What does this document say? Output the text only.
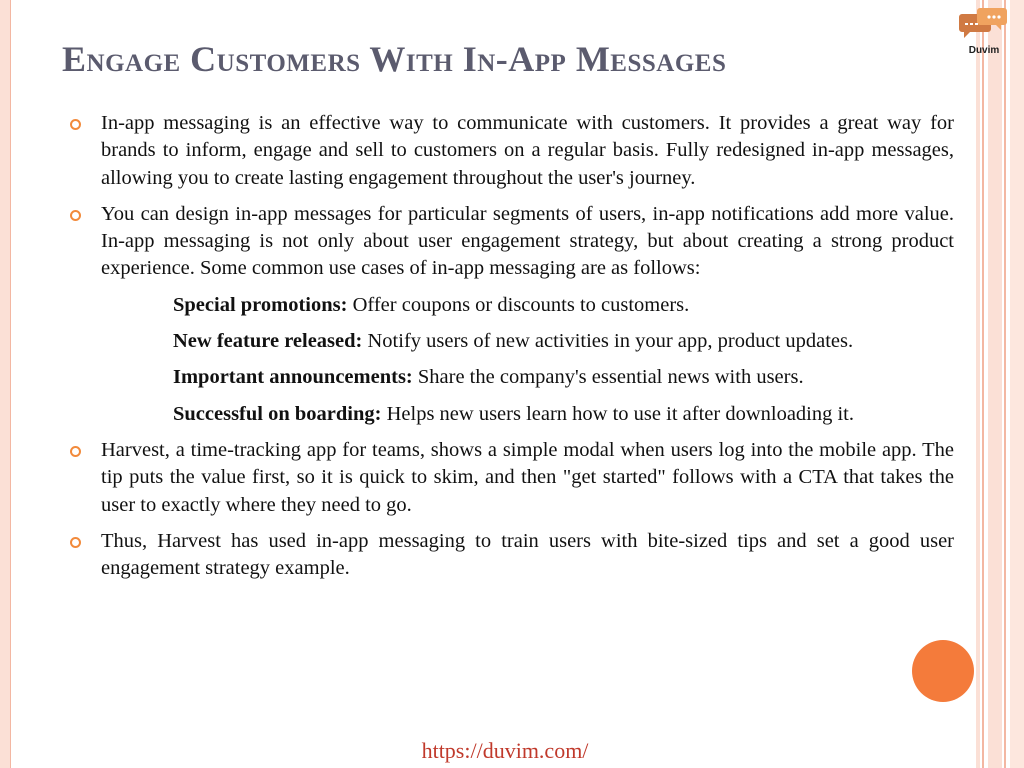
Duvim
Engage Customers With In-App Messages
In-app messaging is an effective way to communicate with customers. It provides a great way for brands to inform, engage and sell to customers on a regular basis. Fully redesigned in-app messages, allowing you to create lasting engagement throughout the user's journey.
You can design in-app messages for particular segments of users, in-app notifications add more value. In-app messaging is not only about user engagement strategy, but about creating a strong product experience. Some common use cases of in-app messaging are as follows:
Special promotions: Offer coupons or discounts to customers.
New feature released: Notify users of new activities in your app, product updates.
Important announcements: Share the company's essential news with users.
Successful on boarding: Helps new users learn how to use it after downloading it.
Harvest, a time-tracking app for teams, shows a simple modal when users log into the mobile app. The tip puts the value first, so it is quick to skim, and then "get started" follows with a CTA that takes the user to exactly where they need to go.
Thus, Harvest has used in-app messaging to train users with bite-sized tips and set a good user engagement strategy example.
https://duvim.com/
